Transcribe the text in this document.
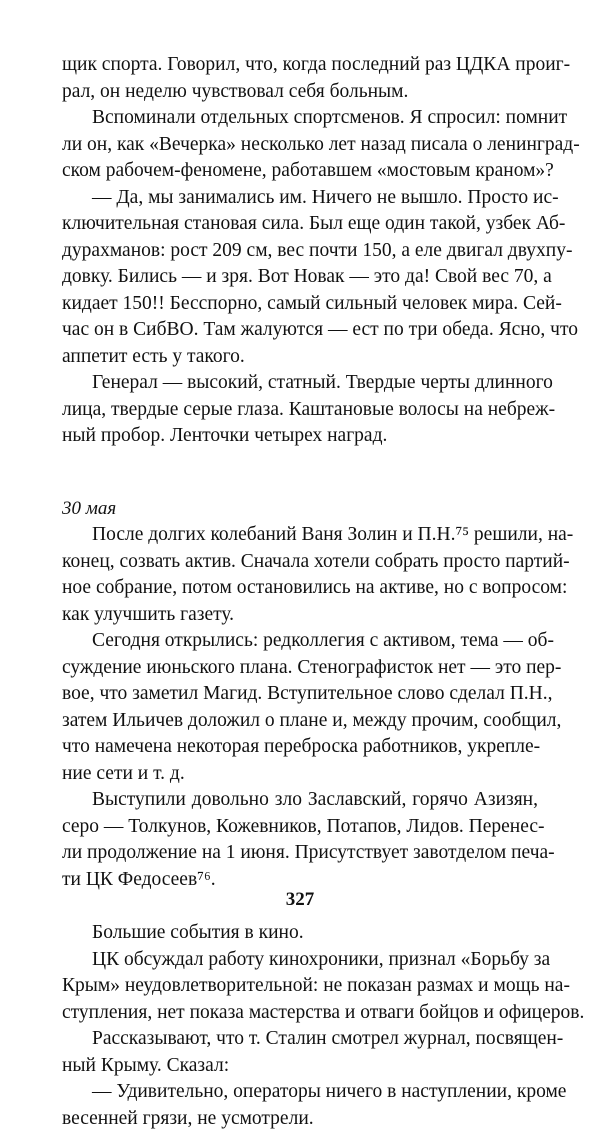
щик спорта. Говорил, что, когда последний раз ЦДКА проиг-
рал, он неделю чувствовал себя больным.
Вспоминали отдельных спортсменов. Я спросил: помнит
ли он, как «Вечерка» несколько лет назад писала о ленинград-
ском рабочем-феномене, работавшем «мостовым краном»?
— Да, мы занимались им. Ничего не вышло. Просто ис-
ключительная становая сила. Был еще один такой, узбек Аб-
дурахманов: рост 209 см, вес почти 150, а еле двигал двухпу-
довку. Бились — и зря. Вот Новак — это да! Свой вес 70, а
кидает 150!! Бесспорно, самый сильный человек мира. Сей-
час он в СибВО. Там жалуются — ест по три обеда. Ясно, что
аппетит есть у такого.
Генерал — высокий, статный. Твердые черты длинного
лица, твердые серые глаза. Каштановые волосы на небреж-
ный пробор. Ленточки четырех наград.
30 мая
После долгих колебаний Ваня Золин и П.Н.⁷⁵ решили, на-
конец, созвать актив. Сначала хотели собрать просто партий-
ное собрание, потом остановились на активе, но с вопросом:
как улучшить газету.
Сегодня открылись: редколлегия с активом, тема — об-
суждение июньского плана. Стенографисток нет — это пер-
вое, что заметил Магид. Вступительное слово сделал П.Н.,
затем Ильичев доложил о плане и, между прочим, сообщил,
что намечена некоторая переброска работников, укрепле-
ние сети и т. д.
Выступили довольно зло Заславский, горячо Азизян,
серо — Толкунов, Кожевников, Потапов, Лидов. Перенес-
ли продолжение на 1 июня. Присутствует завотделом печа-
ти ЦК Федосеев⁷⁶.
Большие события в кино.
ЦК обсуждал работу кинохроники, признал «Борьбу за
Крым» неудовлетворительной: не показан размах и мощь на-
ступления, нет показа мастерства и отваги бойцов и офицеров.
Рассказывают, что т. Сталин смотрел журнал, посвящен-
ный Крыму. Сказал:
— Удивительно, операторы ничего в наступлении, кроме
весенней грязи, не усмотрели.
327
